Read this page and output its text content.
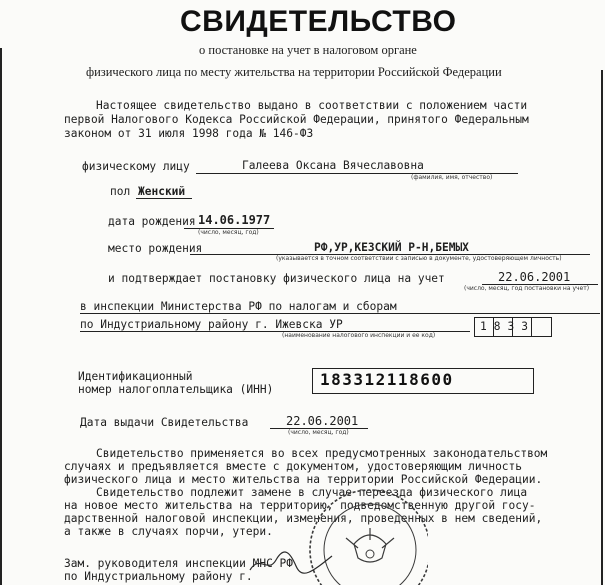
СВИДЕТЕЛЬСТВО
о постановке на учет в налоговом органе
физического лица по месту жительства на территории Российской Федерации
Настоящее свидетельство выдано в соответствии с положением части
первой Налогового Кодекса Российской Федерации, принятого Федеральным
законом от 31 июля 1998 года № 146-ФЗ
физическому лицу	Галеева Оксана Вячеславовна
(фамилия, имя, отчество)
пол Женский
дата рождения 14.06.1977
(число, месяц, год)
место рождения	РФ,УР,КЕЗСКИЙ Р-Н,БЕМЫХ
(указывается в точном соответствии с записью в документе, удостоверяющем личность)
и подтверждает постановку физического лица на учет	22.06.2001
(число, месяц, год постановки на учет)
в инспекции Министерства РФ по налогам и сборам
по Индустриальному району г. Ижевска УР
(наименование налогового инспекции и ее код)
1833
Идентификационный
номер налогоплательщика (ИНН)
183312118600
Дата выдачи Свидетельства	22.06.2001
(число, месяц, год)
Свидетельство применяется во всех предусмотренных законодательством
случаях и предъявляется вместе с документом, удостоверяющим личность
физического лица и место жительства на территории Российской Федерации.
Свидетельство подлежит замене в случае переезда физического лица
на новое место жительства на территорию, подведомственную другой госу-
дарственной налоговой инспекции, изменения, проведенных в нем сведений,
а также в случаях порчи, утери.
Зам. руководителя инспекции МНС РФ
по Индустриальному району г.
